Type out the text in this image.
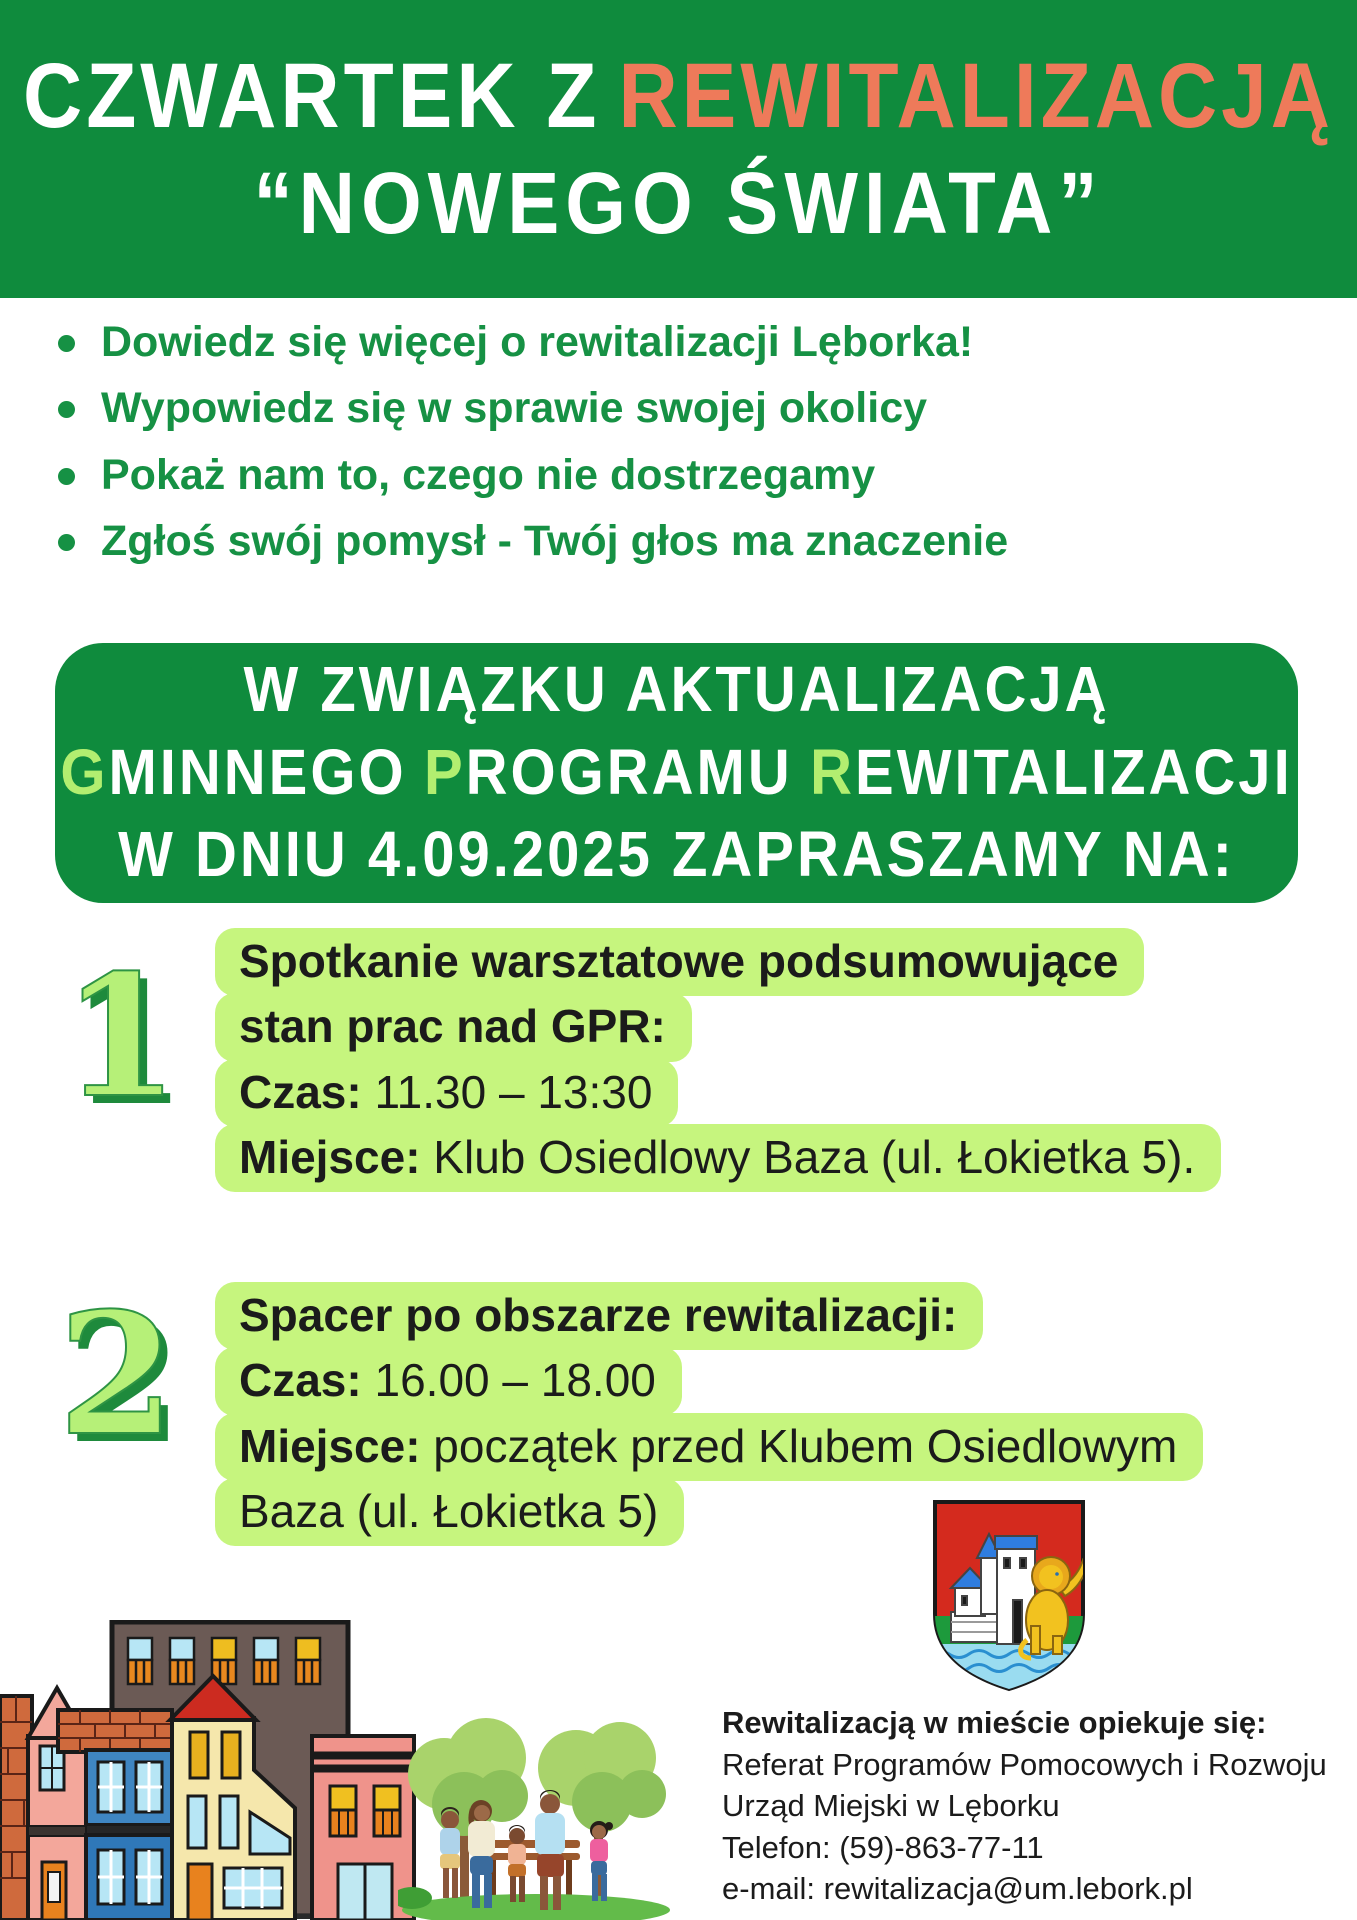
CZWARTEK Z REWITALIZACJĄ
“NOWEGO ŚWIATA”
Dowiedz się więcej o rewitalizacji Lęborka!
Wypowiedz się w sprawie swojej okolicy
Pokaż nam to, czego nie dostrzegamy
Zgłoś swój pomysł - Twój głos ma znaczenie
W ZWIĄZKU AKTUALIZACJĄ
GMINNEGO PROGRAMU REWITALIZACJI
W DNIU 4.09.2025 ZAPRASZAMY NA:
1 Spotkanie warsztatowe podsumowujące
stan prac nad GPR:
Czas: 11.30 – 13:30
Miejsce: Klub Osiedlowy Baza (ul. Łokietka 5).
2 Spacer po obszarze rewitalizacji:
Czas: 16.00 – 18.00
Miejsce: początek przed Klubem Osiedlowym
Baza (ul. Łokietka 5)
Rewitalizacją w mieście opiekuje się:
Referat Programów Pomocowych i Rozwoju
Urząd Miejski w Lęborku
Telefon: (59)-863-77-11
e-mail: rewitalizacja@um.lebork.pl
